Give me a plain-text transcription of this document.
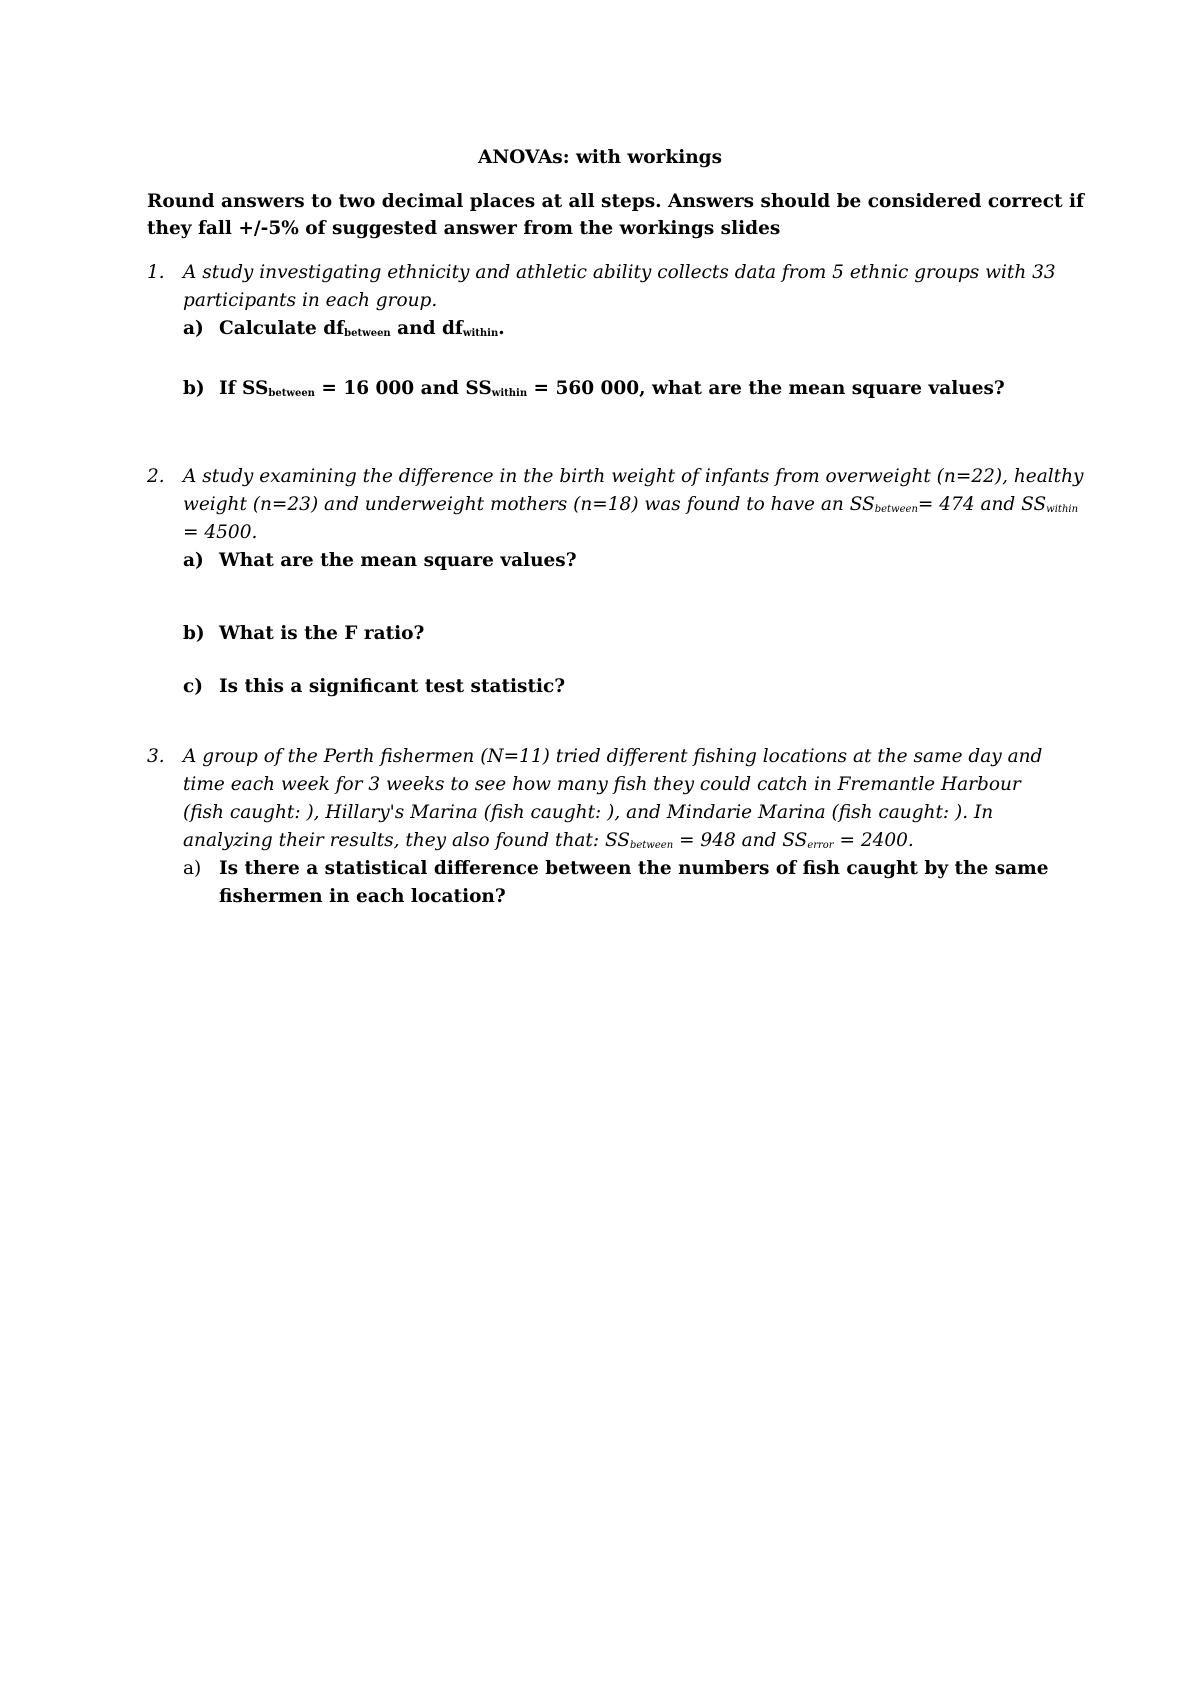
ANOVAs: with workings
Round answers to two decimal places at all steps. Answers should be considered correct if
they fall +/-5% of suggested answer from the workings slides
1. A study investigating ethnicity and athletic ability collects data from 5 ethnic groups with 33
participants in each group.
a) Calculate $df_{between}$ and $df_{within}$.
b) If $SS_{between} = 16$ 000 and $SS_{within} = 560$ 000, what are the mean square values?
2. A study examining the difference in the birth weight of infants from overweight (n=22), healthy
weight (n=23) and underweight mothers (n=18) was found to have an $SS_{between}= 474$ and $SS_{within}$
= 4500.
a) What are the mean square values?
b) What is the F ratio?
c) Is this a significant test statistic?
3. A group of the Perth fishermen (N=11) tried different fishing locations at the same day and
time each week for 3 weeks to see how many fish they could catch in Fremantle Harbour
(fish caught: ), Hillary's Marina (fish caught: ), and Mindarie Marina (fish caught: ). In
analyzing their results, they also found that: $SS_{between} = 948$ and $SS_{error} = 2400$.
a) Is there a statistical difference between the numbers of fish caught by the same
fishermen in each location?
